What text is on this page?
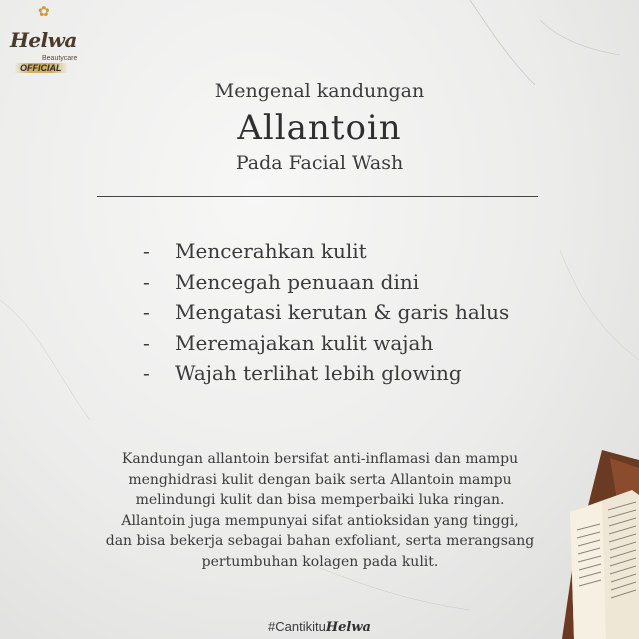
✿
Helwa
Beautycare
OFFICIAL
Mengenal kandungan
Allantoin
Pada Facial Wash
-	Mencerahkan kulit
-	Mencegah penuaan dini
-	Mengatasi kerutan & garis halus
-	Meremajakan kulit wajah
-	Wajah terlihat lebih glowing
Kandungan allantoin bersifat anti-inflamasi dan mampu
menghidrasi kulit dengan baik serta Allantoin mampu
melindungi kulit dan bisa memperbaiki luka ringan.
Allantoin juga mempunyai sifat antioksidan yang tinggi,
dan bisa bekerja sebagai bahan exfoliant, serta merangsang
pertumbuhan kolagen pada kulit.
#CantikituHelwa
